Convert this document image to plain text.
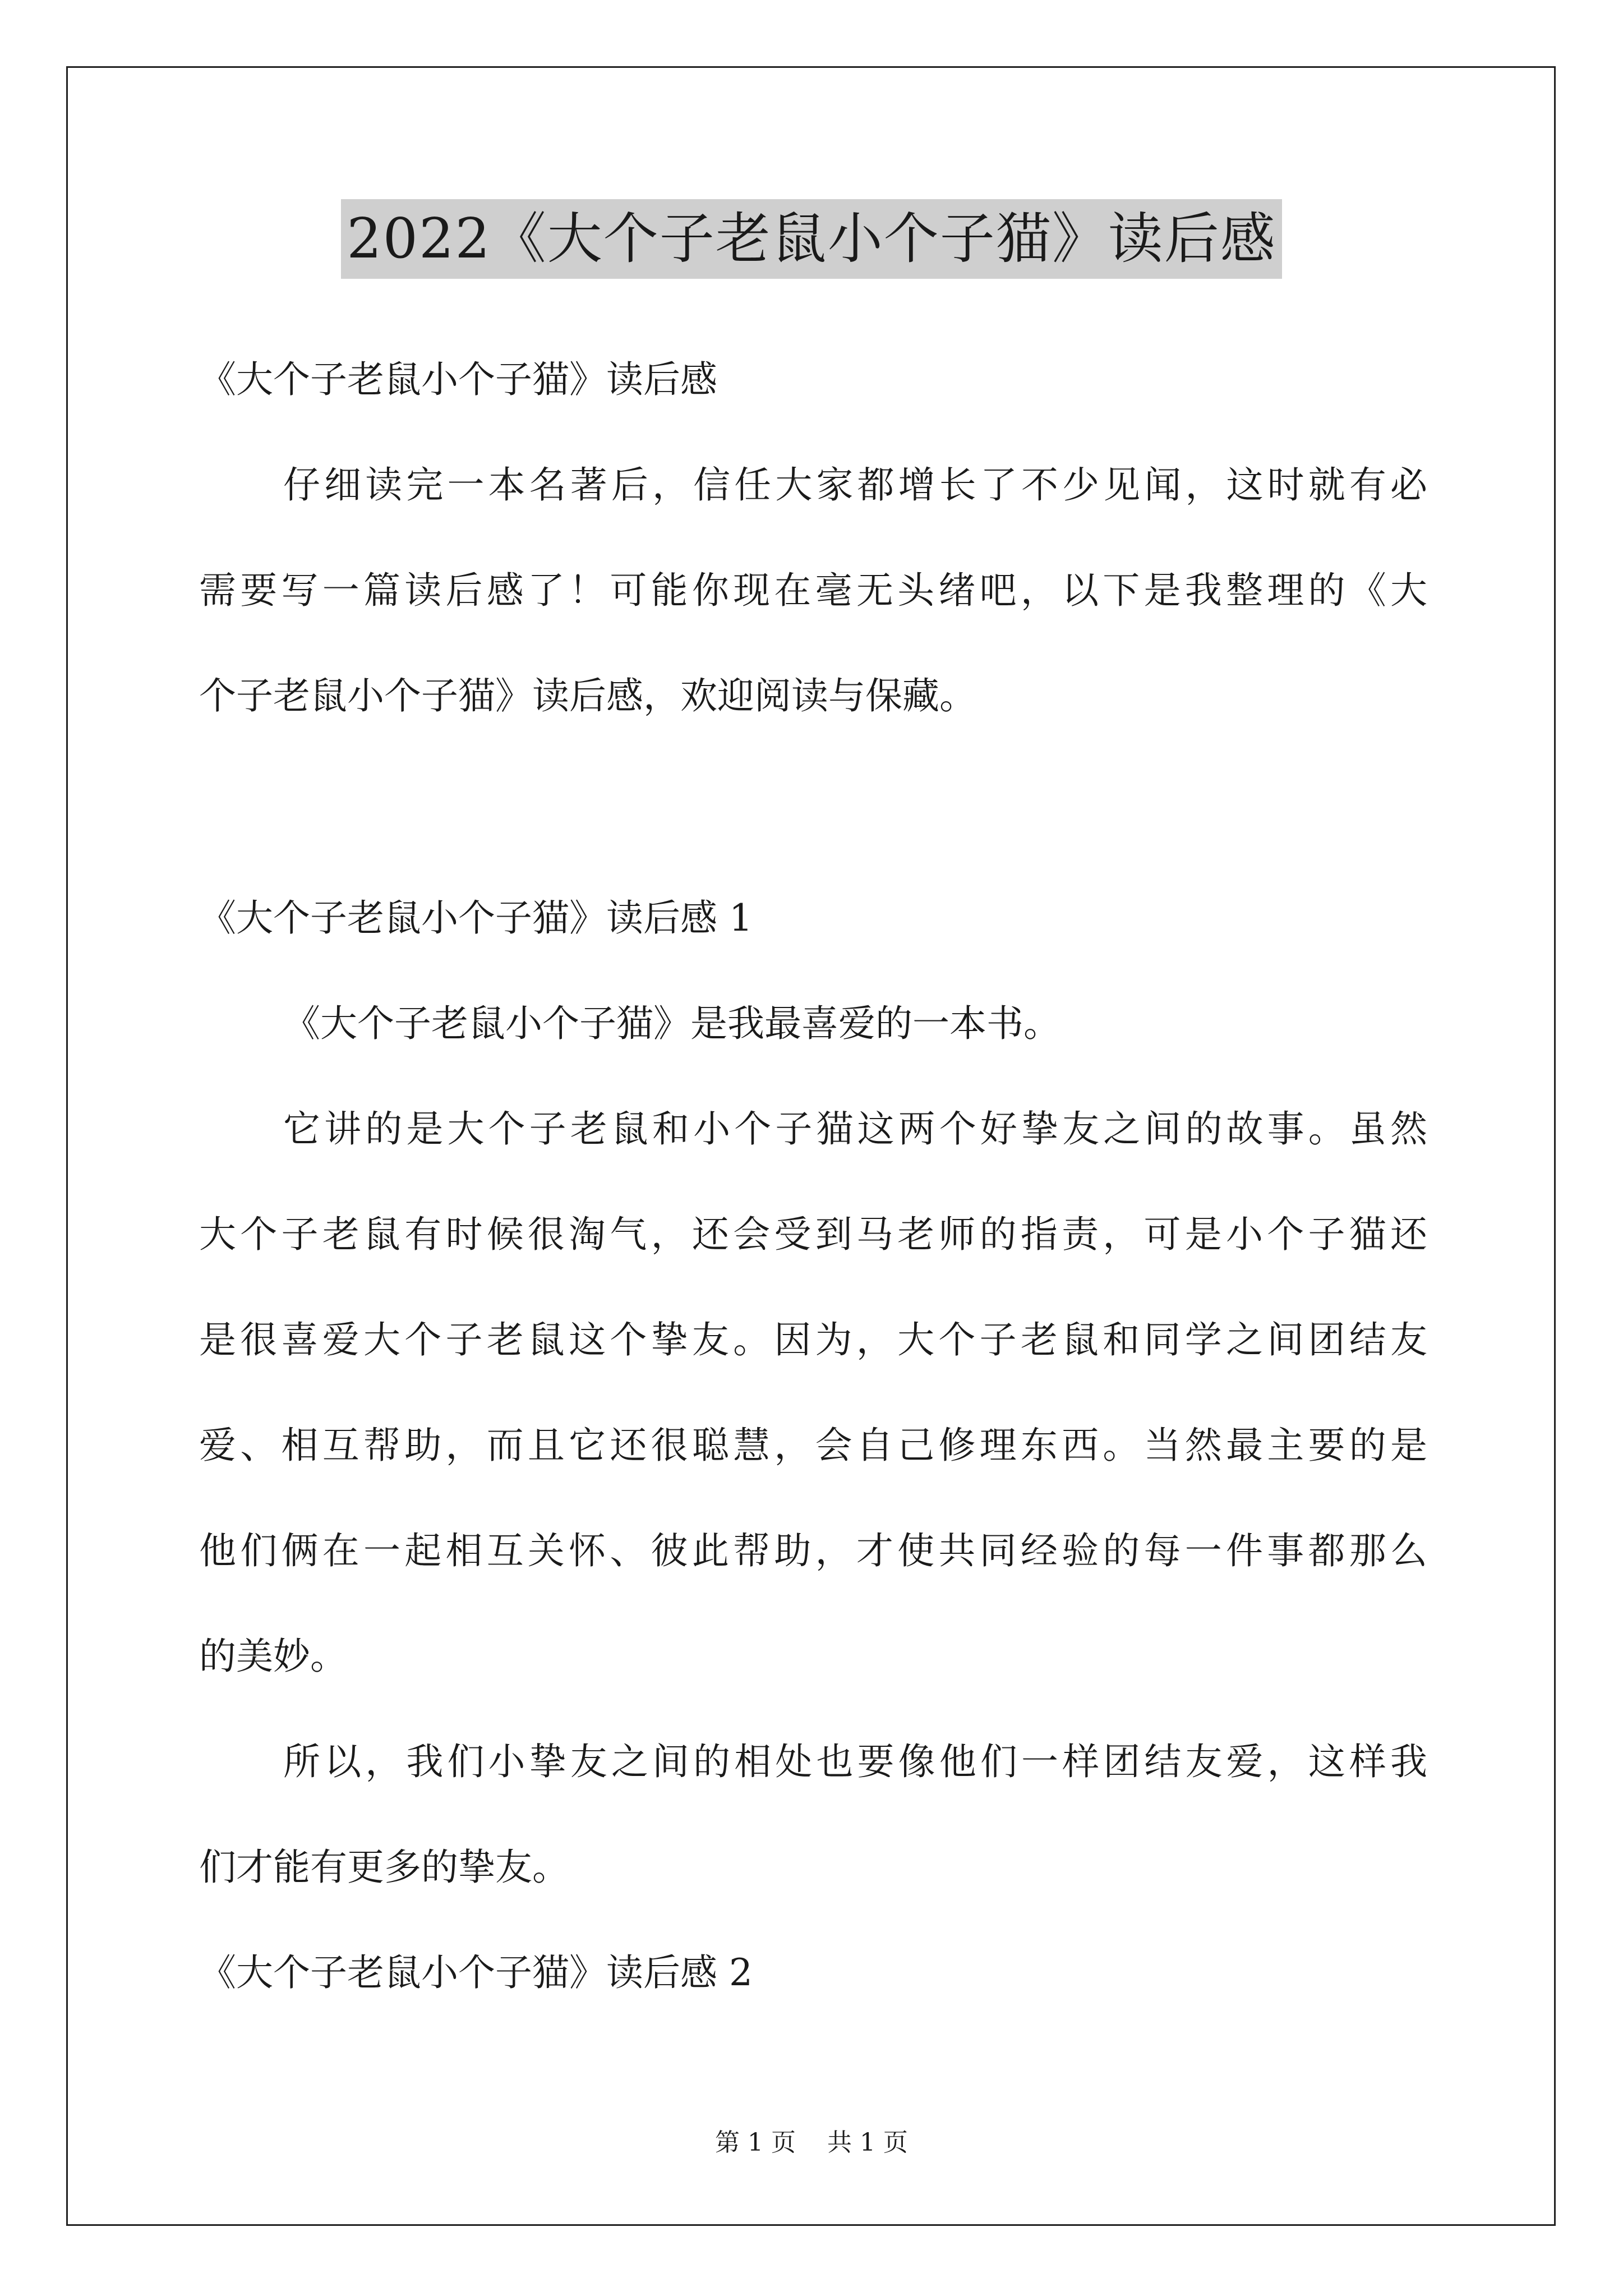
2022《大个子老鼠小个子猫》读后感
《大个子老鼠小个子猫》读后感
仔细读完一本名著后，信任大家都增长了不少见闻，这时就有必
需要写一篇读后感了！可能你现在毫无头绪吧，以下是我整理的《大
个子老鼠小个子猫》读后感，欢迎阅读与保藏。
《大个子老鼠小个子猫》读后感 1
《大个子老鼠小个子猫》是我最喜爱的一本书。
它讲的是大个子老鼠和小个子猫这两个好挚友之间的故事。虽然
大个子老鼠有时候很淘气，还会受到马老师的指责，可是小个子猫还
是很喜爱大个子老鼠这个挚友。因为，大个子老鼠和同学之间团结友
爱、相互帮助，而且它还很聪慧，会自己修理东西。当然最主要的是
他们俩在一起相互关怀、彼此帮助，才使共同经验的每一件事都那么
的美妙。
所以，我们小挚友之间的相处也要像他们一样团结友爱，这样我
们才能有更多的挚友。
《大个子老鼠小个子猫》读后感 2
第 1 页 共 1 页
